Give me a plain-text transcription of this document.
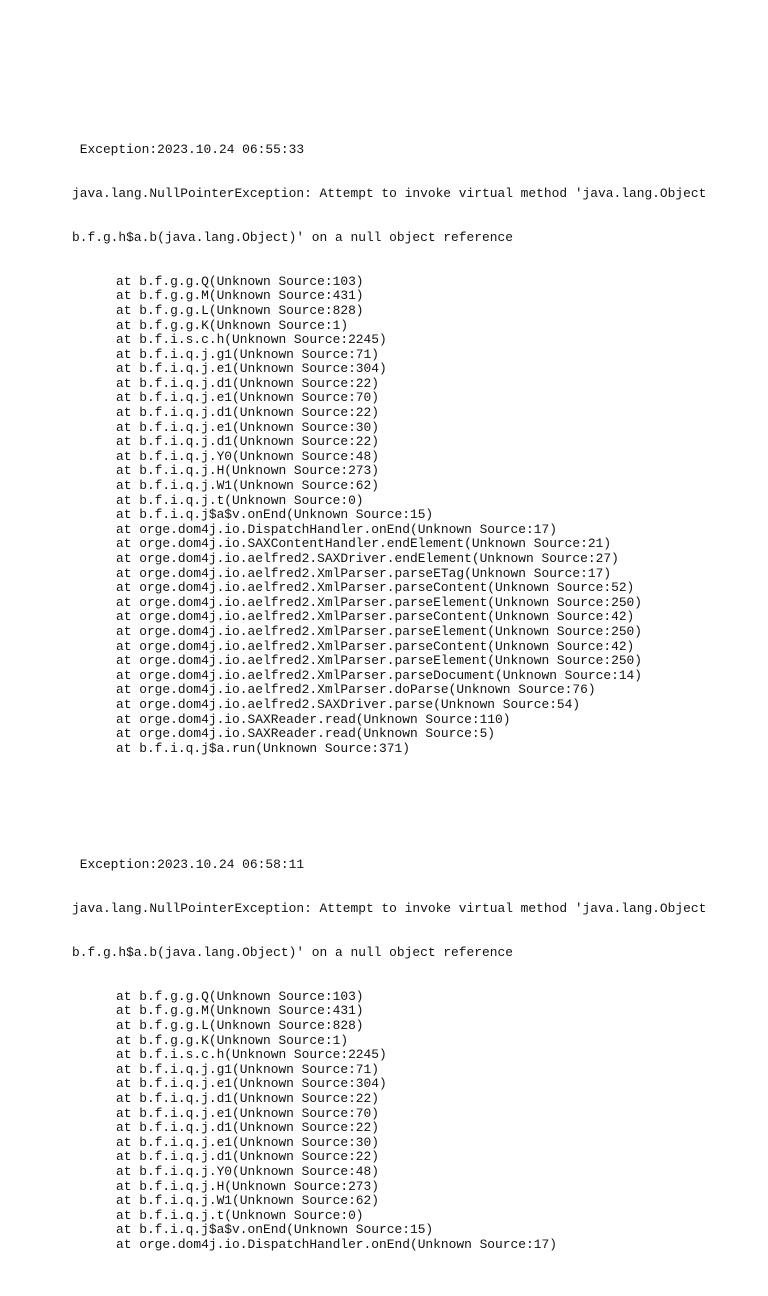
Exception:2023.10.24 06:55:33

java.lang.NullPointerException: Attempt to invoke virtual method 'java.lang.Object

b.f.g.h$a.b(java.lang.Object)' on a null object reference

at b.f.g.g.Q(Unknown Source:103)
at b.f.g.g.M(Unknown Source:431)
at b.f.g.g.L(Unknown Source:828)
at b.f.g.g.K(Unknown Source:1)
at b.f.i.s.c.h(Unknown Source:2245)
at b.f.i.q.j.g1(Unknown Source:71)
at b.f.i.q.j.e1(Unknown Source:304)
at b.f.i.q.j.d1(Unknown Source:22)
at b.f.i.q.j.e1(Unknown Source:70)
at b.f.i.q.j.d1(Unknown Source:22)
at b.f.i.q.j.e1(Unknown Source:30)
at b.f.i.q.j.d1(Unknown Source:22)
at b.f.i.q.j.Y0(Unknown Source:48)
at b.f.i.q.j.H(Unknown Source:273)
at b.f.i.q.j.W1(Unknown Source:62)
at b.f.i.q.j.t(Unknown Source:0)
at b.f.i.q.j$a$v.onEnd(Unknown Source:15)
at orge.dom4j.io.DispatchHandler.onEnd(Unknown Source:17)
at orge.dom4j.io.SAXContentHandler.endElement(Unknown Source:21)
at orge.dom4j.io.aelfred2.SAXDriver.endElement(Unknown Source:27)
at orge.dom4j.io.aelfred2.XmlParser.parseETag(Unknown Source:17)
at orge.dom4j.io.aelfred2.XmlParser.parseContent(Unknown Source:52)
at orge.dom4j.io.aelfred2.XmlParser.parseElement(Unknown Source:250)
at orge.dom4j.io.aelfred2.XmlParser.parseContent(Unknown Source:42)
at orge.dom4j.io.aelfred2.XmlParser.parseElement(Unknown Source:250)
at orge.dom4j.io.aelfred2.XmlParser.parseContent(Unknown Source:42)
at orge.dom4j.io.aelfred2.XmlParser.parseElement(Unknown Source:250)
at orge.dom4j.io.aelfred2.XmlParser.parseDocument(Unknown Source:14)
at orge.dom4j.io.aelfred2.XmlParser.doParse(Unknown Source:76)
at orge.dom4j.io.aelfred2.SAXDriver.parse(Unknown Source:54)
at orge.dom4j.io.SAXReader.read(Unknown Source:110)
at orge.dom4j.io.SAXReader.read(Unknown Source:5)
at b.f.i.q.j$a.run(Unknown Source:371)

Exception:2023.10.24 06:58:11

java.lang.NullPointerException: Attempt to invoke virtual method 'java.lang.Object

b.f.g.h$a.b(java.lang.Object)' on a null object reference

at b.f.g.g.Q(Unknown Source:103)
at b.f.g.g.M(Unknown Source:431)
at b.f.g.g.L(Unknown Source:828)
at b.f.g.g.K(Unknown Source:1)
at b.f.i.s.c.h(Unknown Source:2245)
at b.f.i.q.j.g1(Unknown Source:71)
at b.f.i.q.j.e1(Unknown Source:304)
at b.f.i.q.j.d1(Unknown Source:22)
at b.f.i.q.j.e1(Unknown Source:70)
at b.f.i.q.j.d1(Unknown Source:22)
at b.f.i.q.j.e1(Unknown Source:30)
at b.f.i.q.j.d1(Unknown Source:22)
at b.f.i.q.j.Y0(Unknown Source:48)
at b.f.i.q.j.H(Unknown Source:273)
at b.f.i.q.j.W1(Unknown Source:62)
at b.f.i.q.j.t(Unknown Source:0)
at b.f.i.q.j$a$v.onEnd(Unknown Source:15)
at orge.dom4j.io.DispatchHandler.onEnd(Unknown Source:17)
